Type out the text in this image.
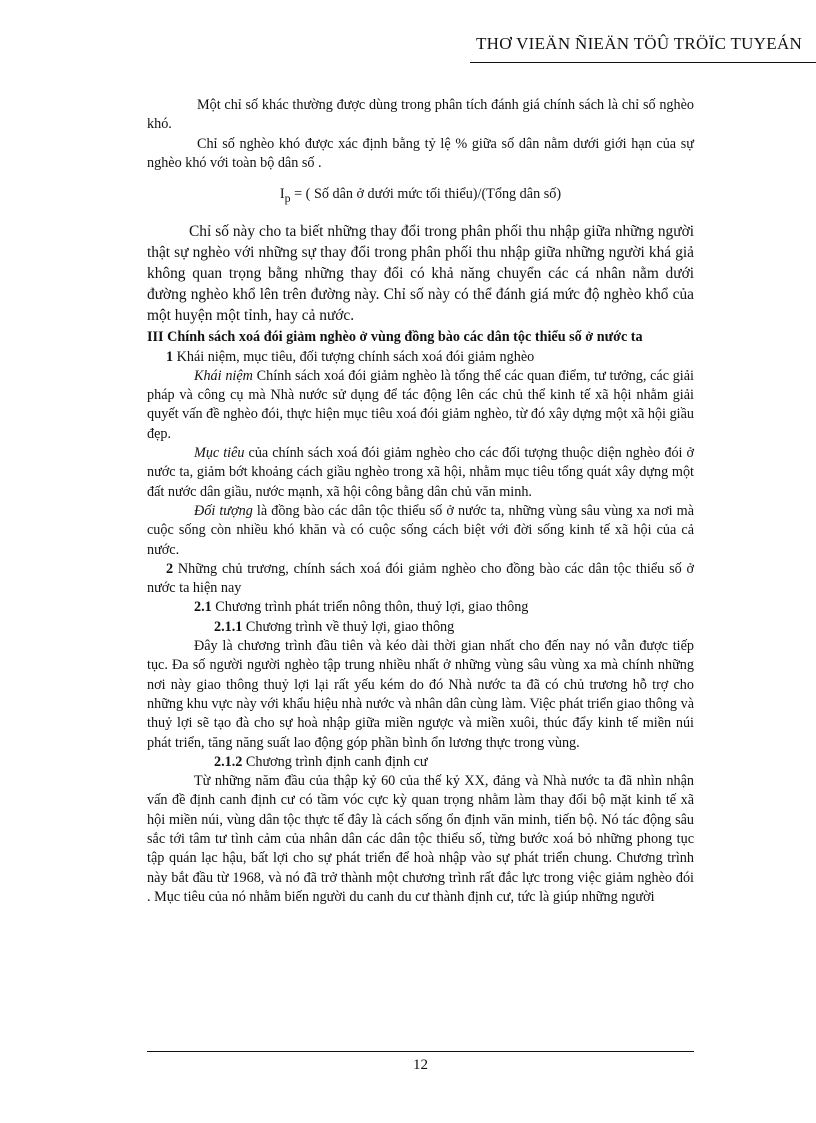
THƠ VIEÄN ÑIEÄN TÖÛ TRÖÏC TUYEÁN

Một chỉ số khác thường được dùng trong phân tích đánh giá chính sách là chỉ số nghèo khó.

Chỉ số nghèo khó được xác định bằng tỷ lệ % giữa số dân nằm dưới giới hạn của sự nghèo khó với toàn bộ dân số .

$I_p$ = ( Số dân ở dưới mức tối thiểu)/(Tổng dân số)

Chỉ số này cho ta biết những thay đổi trong phân phối thu nhập giữa những người thật sự nghèo với những sự thay đổi trong phân phối thu nhập giữa những người khá giả không quan trọng bằng những thay đổi có khả năng chuyển các cá nhân nằm dưới đường nghèo khổ lên trên đường này. Chỉ số này có thể đánh giá mức độ nghèo khổ của một huyện một tỉnh, hay cả nước.

III Chính sách xoá đói giảm nghèo ở vùng đồng bào các dân tộc thiểu số ở nước ta

1 Khái niệm, mục tiêu, đối tượng chính sách xoá đói giảm nghèo

Khái niệm Chính sách xoá đói giảm nghèo là tổng thể các quan điểm, tư tưởng, các giải pháp và công cụ mà Nhà nước sử dụng để tác động lên các chủ thể kinh tế xã hội nhằm giải quyết vấn đề nghèo đói, thực hiện mục tiêu xoá đói giảm nghèo, từ đó xây dựng một xã hội giầu đẹp.

Mục tiêu của chính sách xoá đói giảm nghèo cho các đối tượng thuộc diện nghèo đói ở nước ta, giảm bớt khoảng cách giầu nghèo trong xã hội, nhằm mục tiêu tổng quát xây dựng một đất nước dân giầu, nước mạnh, xã hội công bằng dân chủ văn minh.

Đối tượng là đồng bào các dân tộc thiểu số ở nước ta, những vùng sâu vùng xa nơi mà cuộc sống còn nhiều khó khăn và có cuộc sống cách biệt với đời sống kinh tế xã hội của cả nước.

2 Những chủ trương, chính sách xoá đói giảm nghèo cho đồng bào các dân tộc thiểu số ở nước ta hiện nay

2.1 Chương trình phát triển nông thôn, thuỷ lợi, giao thông

2.1.1 Chương trình về thuỷ lợi, giao thông

Đây là chương trình đầu tiên và kéo dài thời gian nhất cho đến nay nó vẫn được tiếp tục. Đa số người người nghèo tập trung nhiều nhất ở những vùng sâu vùng xa mà chính những nơi này giao thông thuỷ lợi lại rất yếu kém do đó Nhà nước ta đã có chủ trương hỗ trợ cho những khu vực này với khẩu hiệu nhà nước và nhân dân cùng làm. Việc phát triển giao thông và thuỷ lợi sẽ tạo đà cho sự hoà nhập giữa miền ngược và miền xuôi, thúc đẩy kinh tế miền núi phát triển, tăng năng suất lao động góp phần bình ổn lương thực trong vùng.

2.1.2 Chương trình định canh định cư

Từ những năm đầu của thập kỷ 60 của thế kỷ XX, đảng và Nhà nước ta đã nhìn nhận vấn đề định canh định cư có tầm vóc cực kỳ quan trọng nhằm làm thay đổi bộ mặt kinh tế xã hội miền núi, vùng dân tộc thực tế đây là cách sống ổn định văn minh, tiến bộ. Nó tác động sâu sắc tới tâm tư tình cảm của nhân dân các dân tộc thiểu số, từng bước xoá bỏ những phong tục tập quán lạc hậu, bất lợi cho sự phát triển để hoà nhập vào sự phát triển chung. Chương trình này bắt đầu từ 1968, và nó đã trở thành một chương trình rất đắc lực trong việc giảm nghèo đói . Mục tiêu của nó nhằm biến người du canh du cư thành định cư, tức là giúp những người

12
